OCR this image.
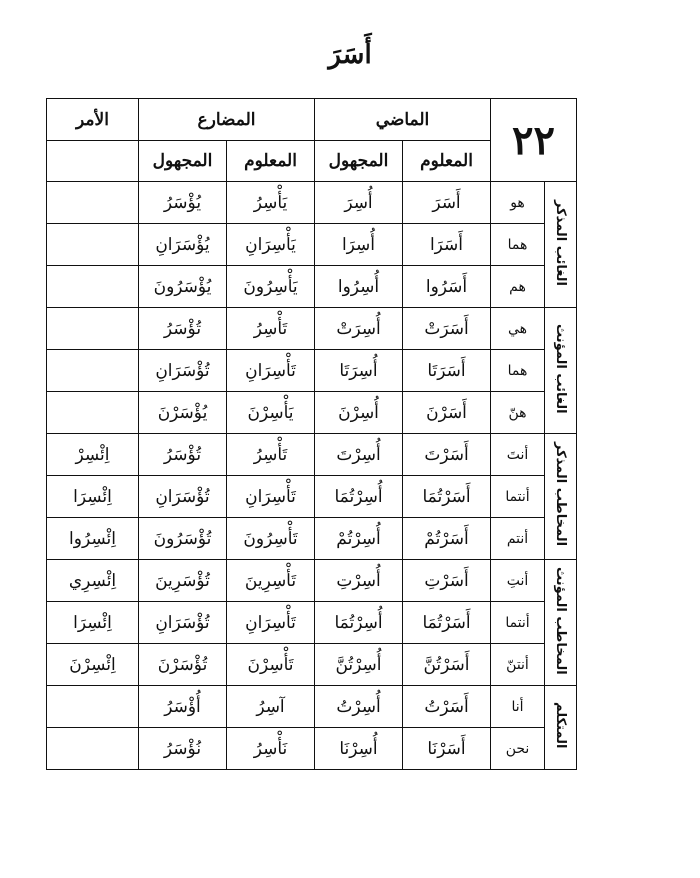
أَسَرَ
٢٢		الماضي		المضارع		الأمر
		المعلوم	المجهول	المعلوم	المجهول	
الغائب المذكر	هو	أَسَرَ	أُسِرَ	يَأْسِرُ	يُؤْسَرُ	
	هما	أَسَرَا	أُسِرَا	يَأْسِرَانِ	يُؤْسَرَانِ	
	هم	أَسَرُوا	أُسِرُوا	يَأْسِرُونَ	يُؤْسَرُونَ	
الغائب المؤنث	هي	أَسَرَتْ	أُسِرَتْ	تَأْسِرُ	تُؤْسَرُ	
	هما	أَسَرَتَا	أُسِرَتَا	تَأْسِرَانِ	تُؤْسَرَانِ	
	هنّ	أَسَرْنَ	أُسِرْنَ	يَأْسِرْنَ	يُؤْسَرْنَ	
المخاطب المذكر	أنتَ	أَسَرْتَ	أُسِرْتَ	تَأْسِرُ	تُؤْسَرُ	اِئْسِرْ
	أنتما	أَسَرْتُمَا	أُسِرْتُمَا	تَأْسِرَانِ	تُؤْسَرَانِ	اِئْسِرَا
	أنتم	أَسَرْتُمْ	أُسِرْتُمْ	تَأْسِرُونَ	تُؤْسَرُونَ	اِئْسِرُوا
المخاطب المؤنث	أنتِ	أَسَرْتِ	أُسِرْتِ	تَأْسِرِينَ	تُؤْسَرِينَ	اِئْسِرِي
	أنتما	أَسَرْتُمَا	أُسِرْتُمَا	تَأْسِرَانِ	تُؤْسَرَانِ	اِئْسِرَا
	أنتنّ	أَسَرْتُنَّ	أُسِرْتُنَّ	تَأْسِرْنَ	تُؤْسَرْنَ	اِئْسِرْنَ
المتكلم	أنا	أَسَرْتُ	أُسِرْتُ	آسِرُ	أُؤْسَرُ	
	نحن	أَسَرْنَا	أُسِرْنَا	نَأْسِرُ	نُؤْسَرُ	
